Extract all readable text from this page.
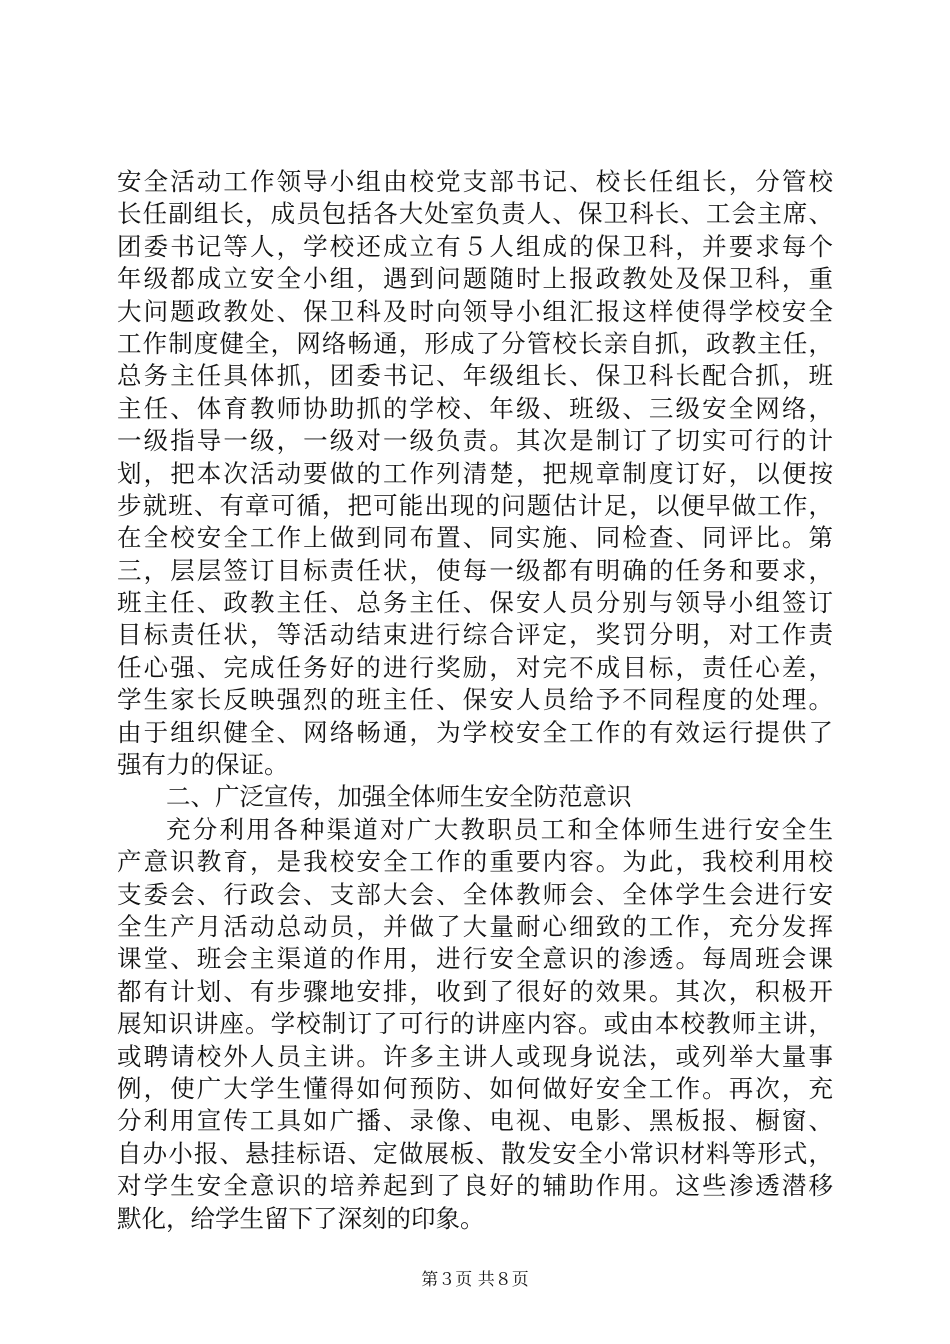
安全活动工作领导小组由校党支部书记、校长任组长，分管校
长任副组长，成员包括各大处室负责人、保卫科长、工会主席、
团委书记等人，学校还成立有５人组成的保卫科，并要求每个
年级都成立安全小组，遇到问题随时上报政教处及保卫科，重
大问题政教处、保卫科及时向领导小组汇报这样使得学校安全
工作制度健全，网络畅通，形成了分管校长亲自抓，政教主任，
总务主任具体抓，团委书记、年级组长、保卫科长配合抓，班
主任、体育教师协助抓的学校、年级、班级、三级安全网络，
一级指导一级，一级对一级负责。其次是制订了切实可行的计
划，把本次活动要做的工作列清楚，把规章制度订好，以便按
步就班、有章可循，把可能出现的问题估计足，以便早做工作，
在全校安全工作上做到同布置、同实施、同检查、同评比。第
三，层层签订目标责任状，使每一级都有明确的任务和要求，
班主任、政教主任、总务主任、保安人员分别与领导小组签订
目标责任状，等活动结束进行综合评定，奖罚分明，对工作责
任心强、完成任务好的进行奖励，对完不成目标，责任心差，
学生家长反映强烈的班主任、保安人员给予不同程度的处理。
由于组织健全、网络畅通，为学校安全工作的有效运行提供了
强有力的保证。
二、广泛宣传，加强全体师生安全防范意识
充分利用各种渠道对广大教职员工和全体师生进行安全生
产意识教育，是我校安全工作的重要内容。为此，我校利用校
支委会、行政会、支部大会、全体教师会、全体学生会进行安
全生产月活动总动员，并做了大量耐心细致的工作，充分发挥
课堂、班会主渠道的作用，进行安全意识的渗透。每周班会课
都有计划、有步骤地安排，收到了很好的效果。其次，积极开
展知识讲座。学校制订了可行的讲座内容。或由本校教师主讲，
或聘请校外人员主讲。许多主讲人或现身说法，或列举大量事
例，使广大学生懂得如何预防、如何做好安全工作。再次，充
分利用宣传工具如广播、录像、电视、电影、黑板报、橱窗、
自办小报、悬挂标语、定做展板、散发安全小常识材料等形式，
对学生安全意识的培养起到了良好的辅助作用。这些渗透潜移
默化，给学生留下了深刻的印象。
第３页 共８页
